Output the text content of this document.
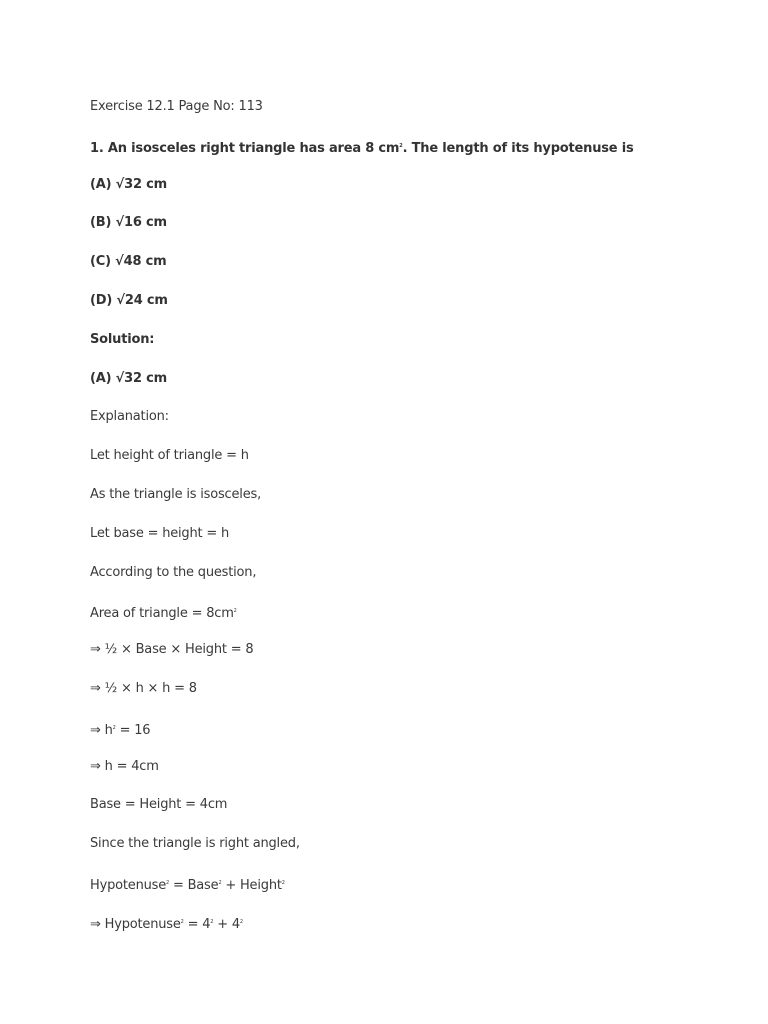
Exercise 12.1 Page No: 113
1. An isosceles right triangle has area 8 $cm^2$. The length of its hypotenuse is
(A) √32 cm
(B) √16 cm
(C) √48 cm
(D) √24 cm
Solution:
(A) √32 cm
Explanation:
Let height of triangle = h
As the triangle is isosceles,
Let base = height = h
According to the question,
Area of triangle = $8cm^2$
⇒ ½ × Base × Height = 8
⇒ ½ × h × h = 8
⇒ $h^2 = 16$
⇒ h = 4cm
Base = Height = 4cm
Since the triangle is right angled,
Hypotenuse$^2$ = Base$^2$ + Height$^2$
⇒ Hypotenuse$^2$ = $4^2 + 4^2$
